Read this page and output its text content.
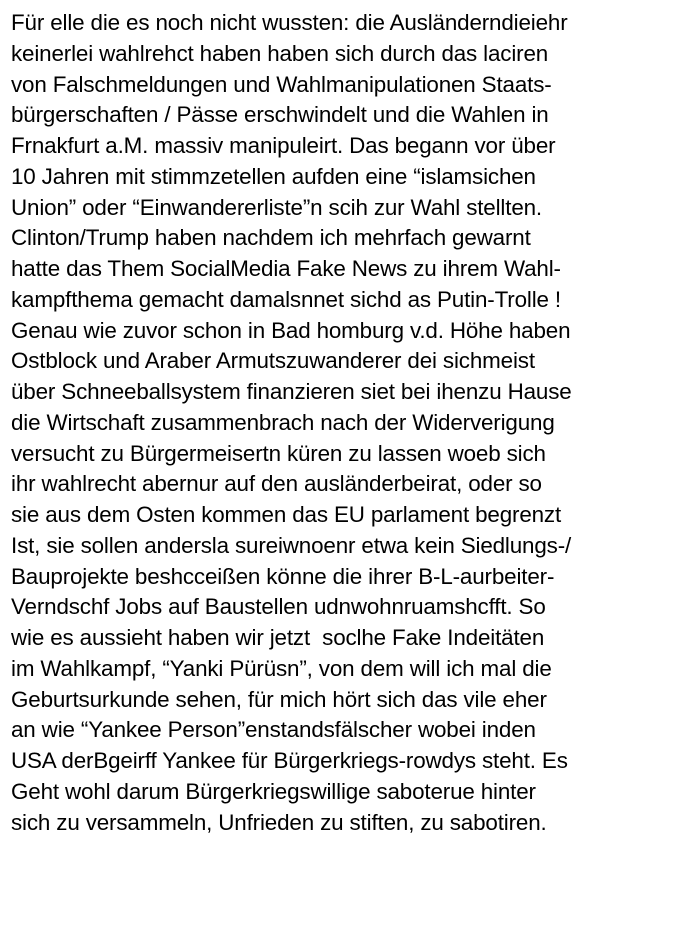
Für elle die es noch nicht wussten: die Ausländerndieiehr
keinerlei wahlrehct haben haben sich durch das laciren
von Falschmeldungen und Wahlmanipulationen Staats-
bürgerschaften / Pässe erschwindelt und die Wahlen in
Frnakfurt a.M. massiv manipuleirt. Das begann vor über
10 Jahren mit stimmzetellen aufden eine “islamsichen
Union” oder “Einwandererliste”n scih zur Wahl stellten.
Clinton/Trump haben nachdem ich mehrfach gewarnt
hatte das Them SocialMedia Fake News zu ihrem Wahl-
kampfthema gemacht damalsnnet sichd as Putin-Trolle !
Genau wie zuvor schon in Bad homburg v.d. Höhe haben
Ostblock und Araber Armutszuwanderer dei sichmeist
über Schneeballsystem finanzieren siet bei ihenzu Hause
die Wirtschaft zusammenbrach nach der Widerverigung
versucht zu Bürgermeisertn küren zu lassen woeb sich
ihr wahlrecht abernur auf den ausländerbeirat, oder so
sie aus dem Osten kommen das EU parlament begrenzt
Ist, sie sollen andersla sureiwnoenr etwa kein Siedlungs-/
Bauprojekte beshcceißen könne die ihrer B-L-aurbeiter-
Verndschf Jobs auf Baustellen udnwohnruamshcfft. So
wie es aussieht haben wir jetzt  soclhe Fake Indeitäten
im Wahlkampf, “Yanki Pürüsn”, von dem will ich mal die
Geburtsurkunde sehen, für mich hört sich das vile eher
an wie “Yankee Person”enstandsfälscher wobei inden
USA derBgeirff Yankee für Bürgerkriegs-rowdys steht. Es
Geht wohl darum Bürgerkriegswillige saboterue hinter
sich zu versammeln, Unfrieden zu stiften, zu sabotiren.
